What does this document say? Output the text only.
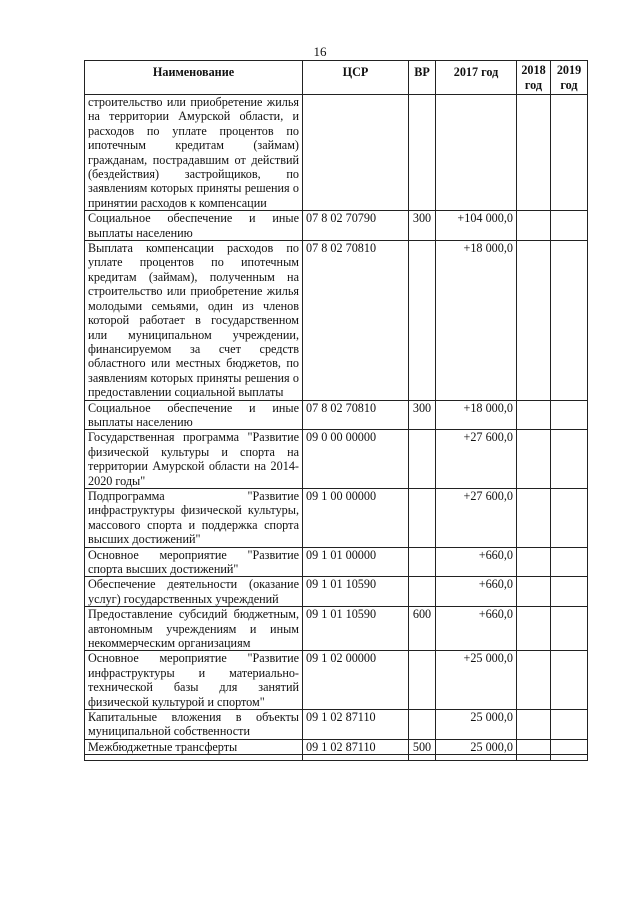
16
Наименование	ЦСР	ВР	2017 год	2018 год	2019 год
строительство или приобретение жилья на территории Амурской области, и расходов по уплате процентов по ипотечным кредитам (займам) гражданам, пострадавшим от действий (бездействия) застройщиков, по заявлениям которых приняты решения о принятии расходов к компенсации					
Социальное обеспечение и иные выплаты населению	07 8 02 70790	300	+104 000,0		
Выплата компенсации расходов по уплате процентов по ипотечным кредитам (займам), полученным на строительство или приобретение жилья молодыми семьями, один из членов которой работает в государственном или муниципальном учреждении, финансируемом за счет средств областного или местных бюджетов, по заявлениям которых приняты решения о предоставлении социальной выплаты	07 8 02 70810		+18 000,0		
Социальное обеспечение и иные выплаты населению	07 8 02 70810	300	+18 000,0		
Государственная программа "Развитие физической культуры и спорта на территории Амурской области на 2014-2020 годы"	09 0 00 00000		+27 600,0		
Подпрограмма "Развитие инфраструктуры физической культуры, массового спорта и поддержка спорта высших достижений"	09 1 00 00000		+27 600,0		
Основное мероприятие "Развитие спорта высших достижений"	09 1 01 00000		+660,0		
Обеспечение деятельности (оказание услуг) государственных учреждений	09 1 01 10590		+660,0		
Предоставление субсидий бюджетным, автономным учреждениям и иным некоммерческим организациям	09 1 01 10590	600	+660,0		
Основное мероприятие "Развитие инфраструктуры и материально-технической базы для занятий физической культурой и спортом"	09 1 02 00000		+25 000,0		
Капитальные вложения в объекты муниципальной собственности	09 1 02 87110		25 000,0		
Межбюджетные трансферты	09 1 02 87110	500	25 000,0		
